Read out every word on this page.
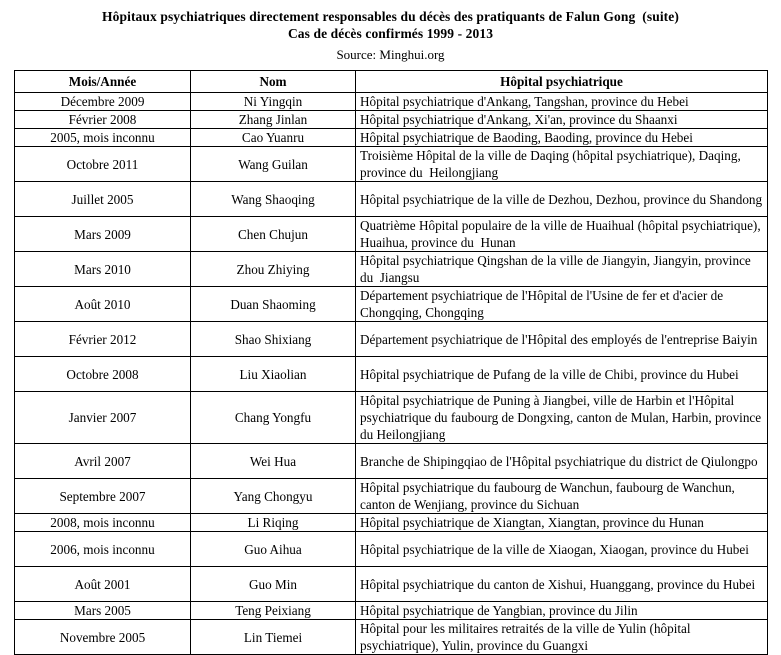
Hôpitaux psychiatriques directement responsables du décès des pratiquants de Falun Gong  (suite)
Cas de décès confirmés 1999 - 2013
Source: Minghui.org
Mois/Année	Nom	Hôpital psychiatrique
Décembre 2009	Ni Yingqin	Hôpital psychiatrique d'Ankang, Tangshan, province du Hebei
Février 2008	Zhang Jinlan	Hôpital psychiatrique d'Ankang, Xi'an, province du Shaanxi
2005, mois inconnu	Cao Yuanru	Hôpital psychiatrique de Baoding, Baoding, province du Hebei
Octobre 2011	Wang Guilan	Troisième Hôpital de la ville de Daqing (hôpital psychiatrique), Daqing, province du  Heilongjiang
Juillet 2005	Wang Shaoqing	Hôpital psychiatrique de la ville de Dezhou, Dezhou, province du Shandong
Mars 2009	Chen Chujun	Quatrième Hôpital populaire de la ville de Huaihual (hôpital psychiatrique), Huaihua, province du  Hunan
Mars 2010	Zhou Zhiying	Hôpital psychiatrique Qingshan de la ville de Jiangyin, Jiangyin, province du  Jiangsu
Août 2010	Duan Shaoming	Département psychiatrique de l'Hôpital de l'Usine de fer et d'acier de Chongqing, Chongqing
Février 2012	Shao Shixiang	Département psychiatrique de l'Hôpital des employés de l'entreprise Baiyin
Octobre 2008	Liu Xiaolian	Hôpital psychiatrique de Pufang de la ville de Chibi, province du Hubei
Janvier 2007	Chang Yongfu	Hôpital psychiatrique de Puning à Jiangbei, ville de Harbin et l'Hôpital psychiatrique du faubourg de Dongxing, canton de Mulan, Harbin, province du Heilongjiang
Avril 2007	Wei Hua	Branche de Shipingqiao de l'Hôpital psychiatrique du district de Qiulongpo
Septembre 2007	Yang Chongyu	Hôpital psychiatrique du faubourg de Wanchun, faubourg de Wanchun, canton de Wenjiang, province du Sichuan
2008, mois inconnu	Li Riqing	Hôpital psychiatrique de Xiangtan, Xiangtan, province du Hunan
2006, mois inconnu	Guo Aihua	Hôpital psychiatrique de la ville de Xiaogan, Xiaogan, province du Hubei
Août 2001	Guo Min	Hôpital psychiatrique du canton de Xishui, Huanggang, province du Hubei
Mars 2005	Teng Peixiang	Hôpital psychiatrique de Yangbian, province du Jilin
Novembre 2005	Lin Tiemei	Hôpital pour les militaires retraités de la ville de Yulin (hôpital psychiatrique), Yulin, province du Guangxi
